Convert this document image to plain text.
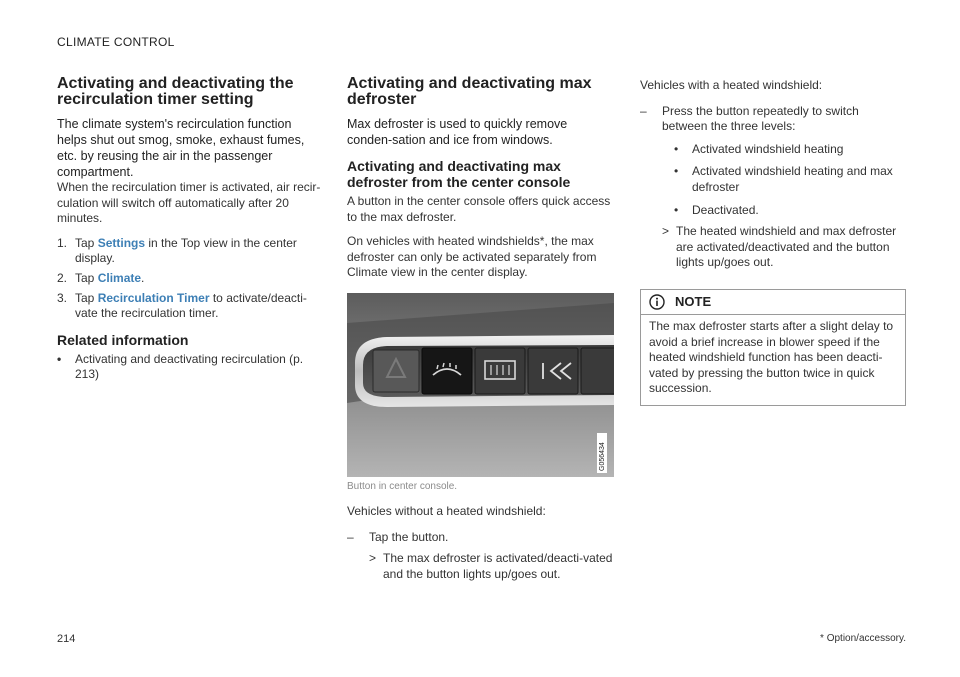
CLIMATE CONTROL
Activating and deactivating the
recirculation timer setting
The climate system's recirculation function helps shut out smog, smoke, exhaust fumes, etc. by reusing the air in the passenger compartment.

When the recirculation timer is activated, air recir-culation will switch off automatically after 20 minutes.

1. Tap Settings in the Top view in the center display.
2. Tap Climate.
3. Tap Recirculation Timer to activate/deacti-vate the recirculation timer.
Related information
•	Activating and deactivating recirculation (p. 213)
Activating and deactivating max
defroster
Max defroster is used to quickly remove conden-sation and ice from windows.
Activating and deactivating max
defroster from the center console

A button in the center console offers quick access to the max defroster.

On vehicles with heated windshields*, the max defroster can only be activated separately from Climate view in the center display.

G056434
Button in center console.

Vehicles without a heated windshield:

–	Tap the button.
> The max defroster is activated/deacti-vated and the button lights up/goes out.

Vehicles with a heated windshield:

–	Press the button repeatedly to switch between the three levels:
•	Activated windshield heating
•	Activated windshield heating and max defroster
•	Deactivated.
> The heated windshield and max defroster are activated/deactivated and the button lights up/goes out.
NOTE
The max defroster starts after a slight delay to avoid a brief increase in blower speed if the heated windshield function has been deacti-vated by pressing the button twice in quick succession.
214	* Option/accessory.
